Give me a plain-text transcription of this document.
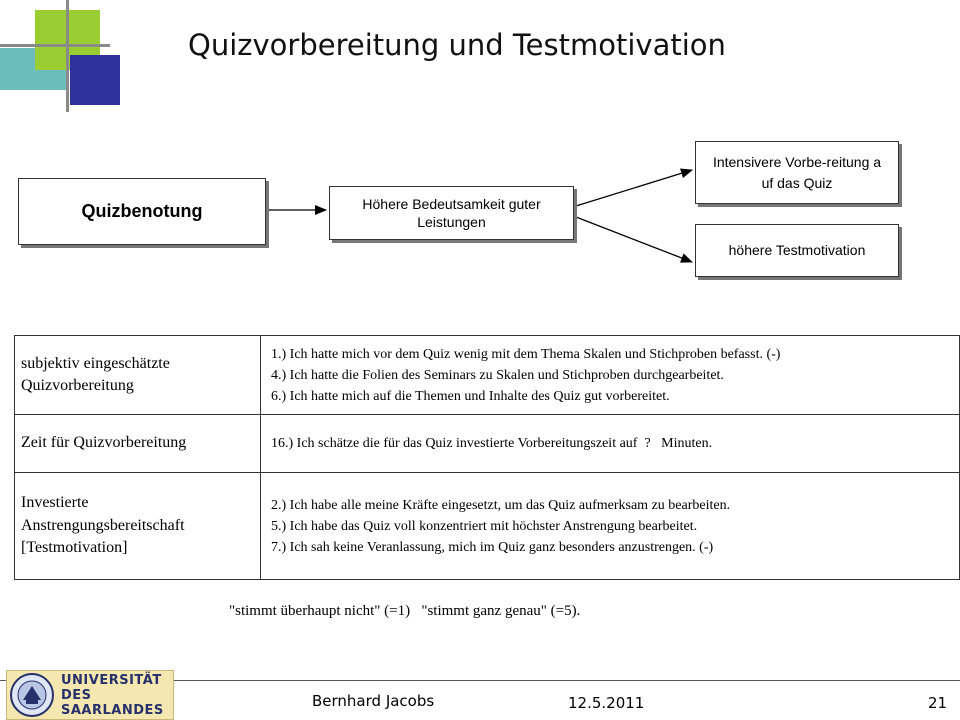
Quizvorbereitung und Testmotivation
Quizbenotung	Höhere Bedeutsamkeit guter Leistungen
Intensivere Vorbe-reitung auf das Quiz
höhere Testmotivation
subjektiv eingeschätzte Quizvorbereitung	1.) Ich hatte mich vor dem Quiz wenig mit dem Thema Skalen und Stichproben befasst. (-)
4.) Ich hatte die Folien des Seminars zu Skalen und Stichproben durchgearbeitet.
6.) Ich hatte mich auf die Themen und Inhalte des Quiz gut vorbereitet.

Zeit für Quizvorbereitung	16.) Ich schätze die für das Quiz investierte Vorbereitungszeit auf  ?   Minuten.

Investierte Anstrengungsbereitschaft [Testmotivation]	2.) Ich habe alle meine Kräfte eingesetzt, um das Quiz aufmerksam zu bearbeiten.
5.) Ich habe das Quiz voll konzentriert mit höchster Anstrengung bearbeitet.
7.) Ich sah keine Veranlassung, mich im Quiz ganz besonders anzustrengen. (-)
"stimmt überhaupt nicht" (=1)   "stimmt ganz genau" (=5).
UNIVERSITÄT
DES
SAARLANDES	Bernhard Jacobs	12.5.2011	21
